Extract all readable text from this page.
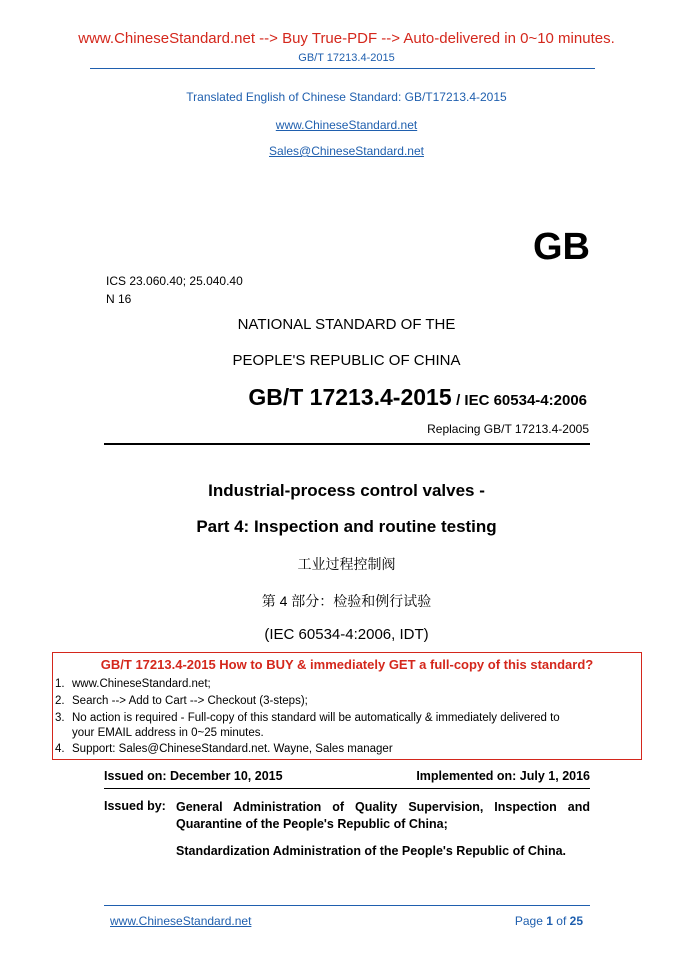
www.ChineseStandard.net --> Buy True-PDF --> Auto-delivered in 0~10 minutes.
GB/T 17213.4-2015
Translated English of Chinese Standard: GB/T17213.4-2015
www.ChineseStandard.net
Sales@ChineseStandard.net
GB
ICS 23.060.40; 25.040.40
N 16
NATIONAL STANDARD OF THE
PEOPLE'S REPUBLIC OF CHINA
GB/T 17213.4-2015 / IEC 60534-4:2006
Replacing GB/T 17213.4-2005
Industrial-process control valves -
Part 4: Inspection and routine testing
工业过程控制阀
第 4 部分：检验和例行试验
(IEC 60534-4:2006, IDT)
GB/T 17213.4-2015 How to BUY & immediately GET a full-copy of this standard?
1. www.ChineseStandard.net;
2. Search --> Add to Cart --> Checkout (3-steps);
3. No action is required - Full-copy of this standard will be automatically & immediately delivered to
your EMAIL address in 0~25 minutes.
4. Support: Sales@ChineseStandard.net. Wayne, Sales manager
Issued on: December 10, 2015	Implemented on: July 1, 2016
Issued by: General Administration of Quality Supervision, Inspection and Quarantine of the People's Republic of China;
Standardization Administration of the People's Republic of China.
www.ChineseStandard.net	Page 1 of 25
